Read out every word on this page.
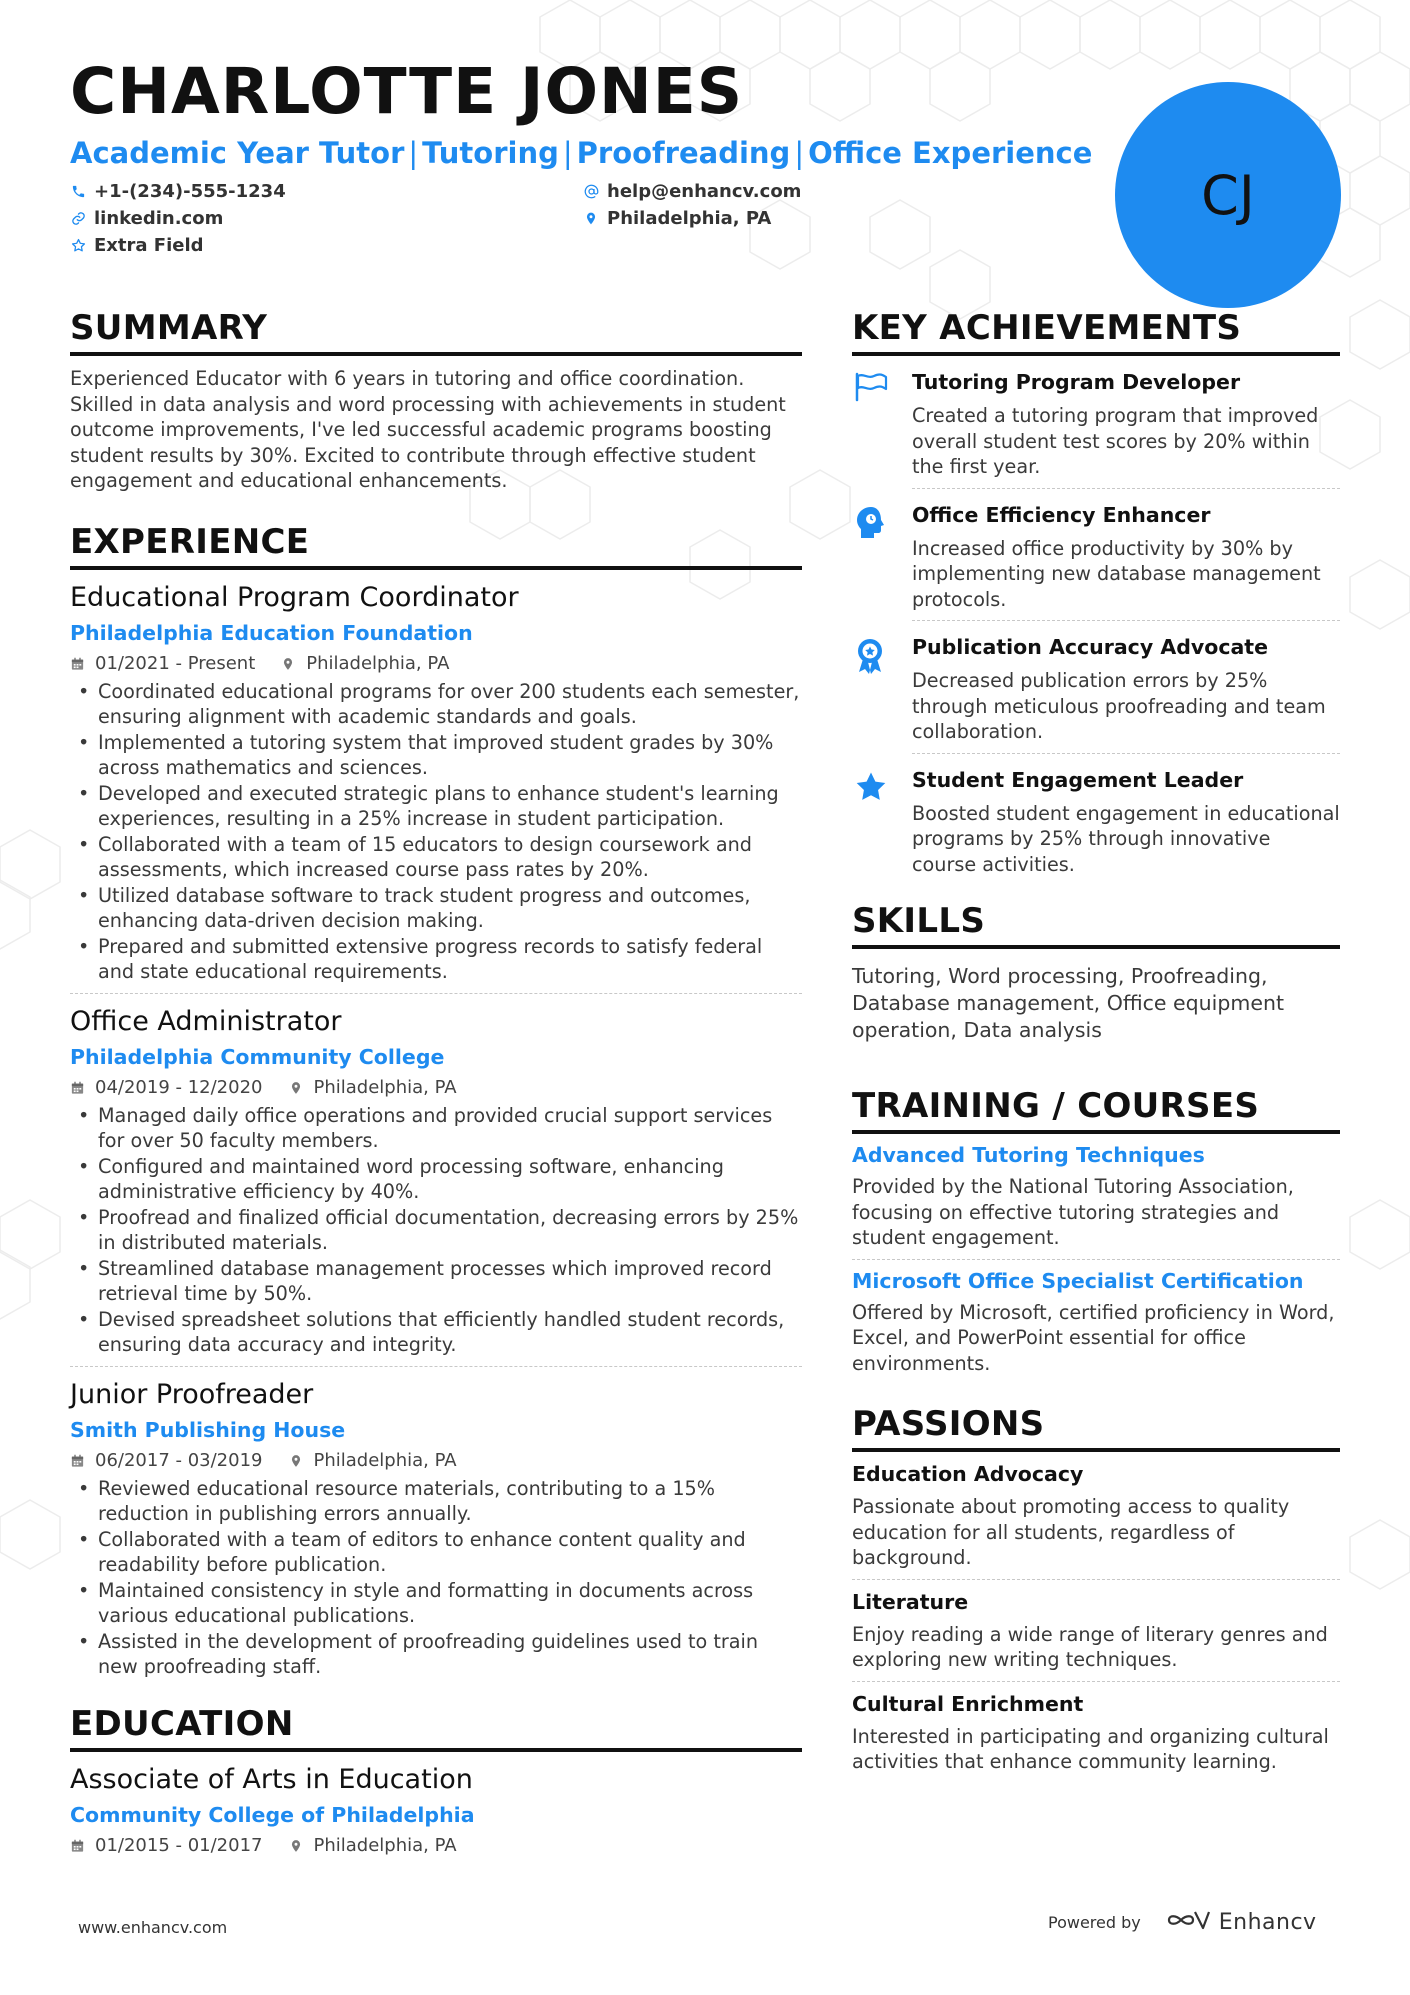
CHARLOTTE JONES
Academic Year Tutor | Tutoring | Proofreading | Office Experience
+1-(234)-555-1234	help@enhancv.com
linkedin.com	Philadelphia, PA
Extra Field
CJ
SUMMARY
Experienced Educator with 6 years in tutoring and office coordination. Skilled in data analysis and word processing with achievements in student outcome improvements, I've led successful academic programs boosting student results by 30%. Excited to contribute through effective student engagement and educational enhancements.
EXPERIENCE
Educational Program Coordinator
Philadelphia Education Foundation
01/2021 - Present	Philadelphia, PA
• Coordinated educational programs for over 200 students each semester, ensuring alignment with academic standards and goals.
• Implemented a tutoring system that improved student grades by 30% across mathematics and sciences.
• Developed and executed strategic plans to enhance student's learning experiences, resulting in a 25% increase in student participation.
• Collaborated with a team of 15 educators to design coursework and assessments, which increased course pass rates by 20%.
• Utilized database software to track student progress and outcomes, enhancing data-driven decision making.
• Prepared and submitted extensive progress records to satisfy federal and state educational requirements.
Office Administrator
Philadelphia Community College
04/2019 - 12/2020	Philadelphia, PA
• Managed daily office operations and provided crucial support services for over 50 faculty members.
• Configured and maintained word processing software, enhancing administrative efficiency by 40%.
• Proofread and finalized official documentation, decreasing errors by 25% in distributed materials.
• Streamlined database management processes which improved record retrieval time by 50%.
• Devised spreadsheet solutions that efficiently handled student records, ensuring data accuracy and integrity.
Junior Proofreader
Smith Publishing House
06/2017 - 03/2019	Philadelphia, PA
• Reviewed educational resource materials, contributing to a 15% reduction in publishing errors annually.
• Collaborated with a team of editors to enhance content quality and readability before publication.
• Maintained consistency in style and formatting in documents across various educational publications.
• Assisted in the development of proofreading guidelines used to train new proofreading staff.
EDUCATION
Associate of Arts in Education
Community College of Philadelphia
01/2015 - 01/2017	Philadelphia, PA
KEY ACHIEVEMENTS
Tutoring Program Developer
Created a tutoring program that improved overall student test scores by 20% within the first year.
Office Efficiency Enhancer
Increased office productivity by 30% by implementing new database management protocols.
Publication Accuracy Advocate
Decreased publication errors by 25% through meticulous proofreading and team collaboration.
Student Engagement Leader
Boosted student engagement in educational programs by 25% through innovative course activities.
SKILLS
Tutoring, Word processing, Proofreading, Database management, Office equipment operation, Data analysis
TRAINING / COURSES
Advanced Tutoring Techniques
Provided by the National Tutoring Association, focusing on effective tutoring strategies and student engagement.
Microsoft Office Specialist Certification
Offered by Microsoft, certified proficiency in Word, Excel, and PowerPoint essential for office environments.
PASSIONS
Education Advocacy
Passionate about promoting access to quality education for all students, regardless of background.
Literature
Enjoy reading a wide range of literary genres and exploring new writing techniques.
Cultural Enrichment
Interested in participating and organizing cultural activities that enhance community learning.
www.enhancv.com	Powered by	Enhancv
